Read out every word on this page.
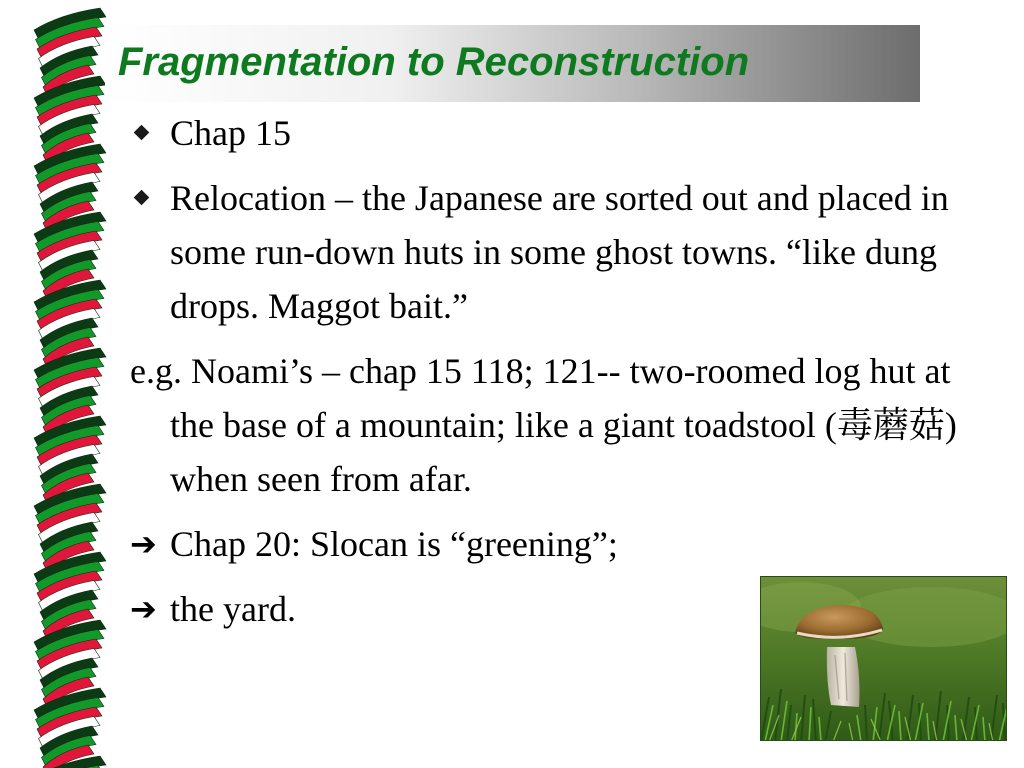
Fragmentation to Reconstruction
Chap 15
Relocation – the Japanese are sorted out and placed in some run-down huts in some ghost towns. “like dung drops. Maggot bait.”
e.g. Noami’s – chap 15 118; 121-- two-roomed log hut at the base of a mountain; like a giant toadstool (毒蘑菇) when seen from afar.
➔ Chap 20: Slocan is “greening”;
➔ the yard.
